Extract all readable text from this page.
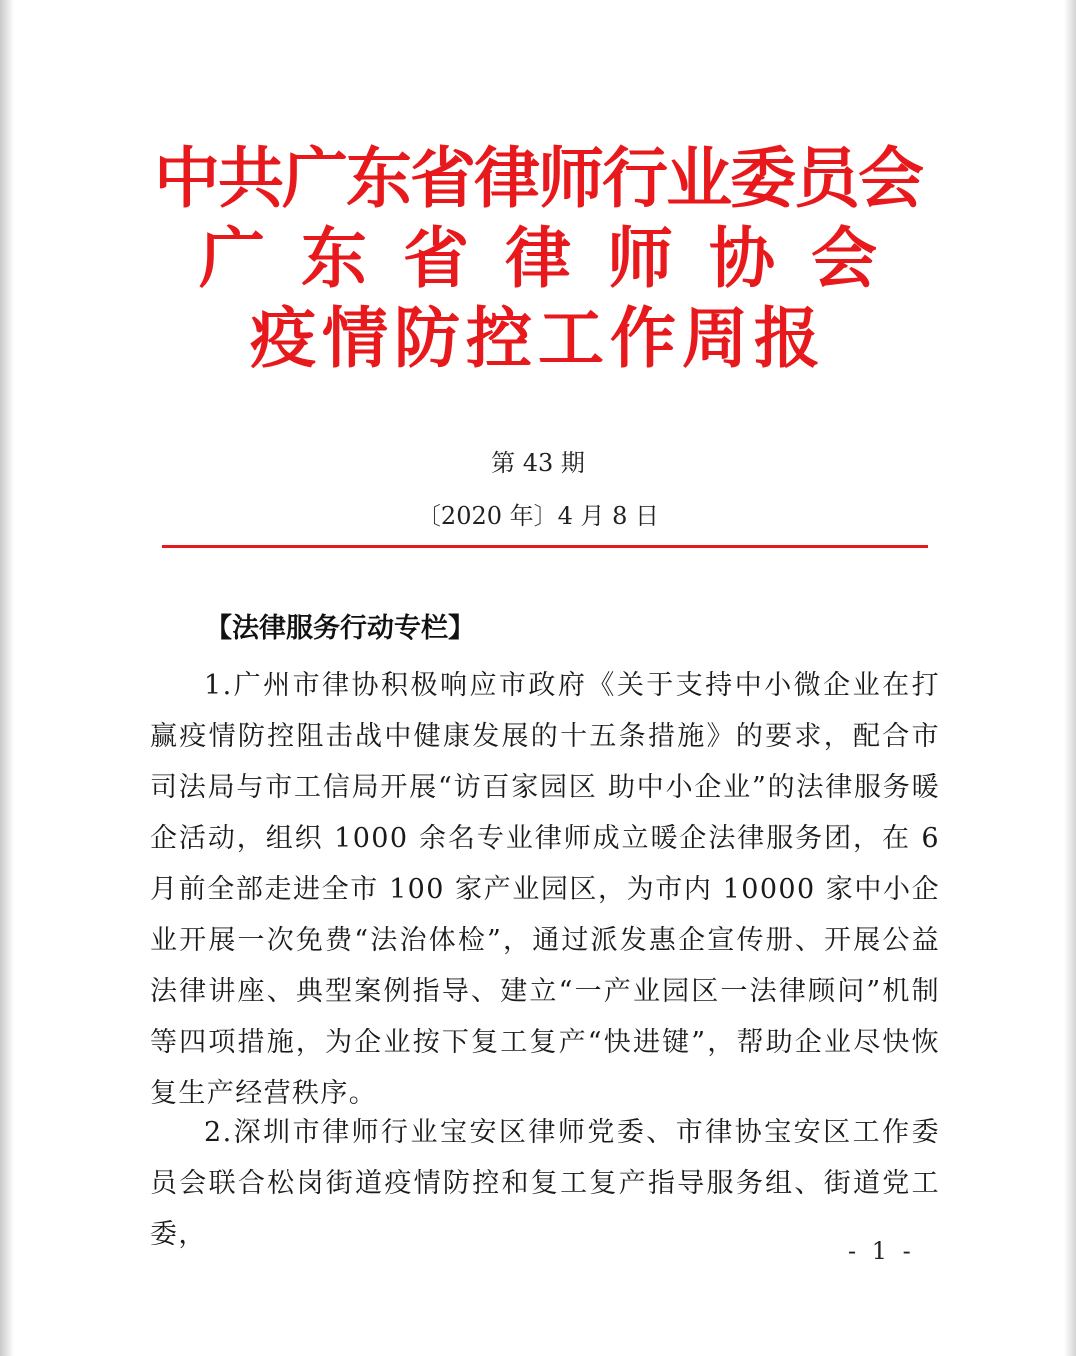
中共广东省律师行业委员会
广东省律师协会
疫情防控工作周报
第 43 期
〔2020 年〕4 月 8 日
【法律服务行动专栏】
1.广州市律协积极响应市政府《关于支持中小微企业在打赢疫情防控阻击战中健康发展的十五条措施》的要求，配合市司法局与市工信局开展“访百家园区 助中小企业”的法律服务暖企活动，组织 1000 余名专业律师成立暖企法律服务团，在 6 月前全部走进全市 100 家产业园区，为市内 10000 家中小企业开展一次免费“法治体检”，通过派发惠企宣传册、开展公益法律讲座、典型案例指导、建立“一产业园区一法律顾问”机制等四项措施，为企业按下复工复产“快进键”，帮助企业尽快恢复生产经营秩序。
2.深圳市律师行业宝安区律师党委、市律协宝安区工作委员会联合松岗街道疫情防控和复工复产指导服务组、街道党工委，
- 1 -
